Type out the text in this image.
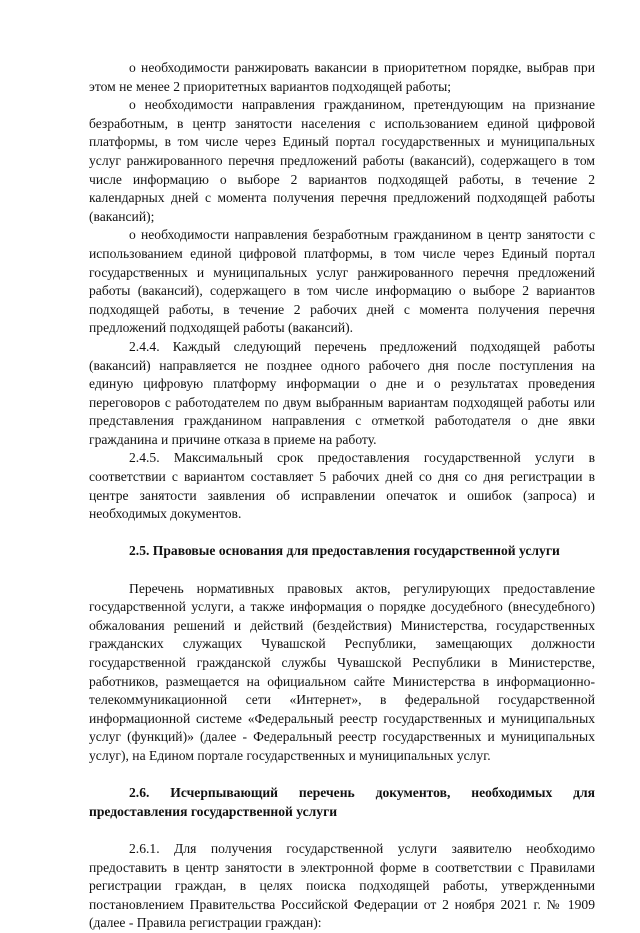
о необходимости ранжировать вакансии в приоритетном порядке, выбрав при этом не менее 2 приоритетных вариантов подходящей работы;

о необходимости направления гражданином, претендующим на признание безработным, в центр занятости населения с использованием единой цифровой платформы, в том числе через Единый портал государственных и муниципальных услуг ранжированного перечня предложений работы (вакансий), содержащего в том числе информацию о выборе 2 вариантов подходящей работы, в течение 2 календарных дней с момента получения перечня предложений подходящей работы (вакансий);

о необходимости направления безработным гражданином в центр занятости с использованием единой цифровой платформы, в том числе через Единый портал государственных и муниципальных услуг ранжированного перечня предложений работы (вакансий), содержащего в том числе информацию о выборе 2 вариантов подходящей работы, в течение 2 рабочих дней с момента получения перечня предложений подходящей работы (вакансий).

2.4.4. Каждый следующий перечень предложений подходящей работы (вакансий) направляется не позднее одного рабочего дня после поступления на единую цифровую платформу информации о дне и о результатах проведения переговоров с работодателем по двум выбранным вариантам подходящей работы или представления гражданином направления с отметкой работодателя о дне явки гражданина и причине отказа в приеме на работу.

2.4.5. Максимальный срок предоставления государственной услуги в соответствии с вариантом составляет 5 рабочих дней со дня со дня регистрации в центре занятости заявления об исправлении опечаток и ошибок (запроса) и необходимых документов.

2.5. Правовые основания для предоставления государственной услуги

Перечень нормативных правовых актов, регулирующих предоставление государственной услуги, а также информация о порядке досудебного (внесудебного) обжалования решений и действий (бездействия) Министерства, государственных гражданских служащих Чувашской Республики, замещающих должности государственной гражданской службы Чувашской Республики в Министерстве, работников, размещается на официальном сайте Министерства в информационно-телекоммуникационной сети «Интернет», в федеральной государственной информационной системе «Федеральный реестр государственных и муниципальных услуг (функций)» (далее - Федеральный реестр государственных и муниципальных услуг), на Едином портале государственных и муниципальных услуг.

2.6. Исчерпывающий перечень документов, необходимых для предоставления государственной услуги

2.6.1. Для получения государственной услуги заявителю необходимо предоставить в центр занятости в электронной форме в соответствии с Правилами регистрации граждан, в целях поиска подходящей работы, утвержденными постановлением Правительства Российской Федерации от 2 ноября 2021 г. № 1909 (далее - Правила регистрации граждан):
